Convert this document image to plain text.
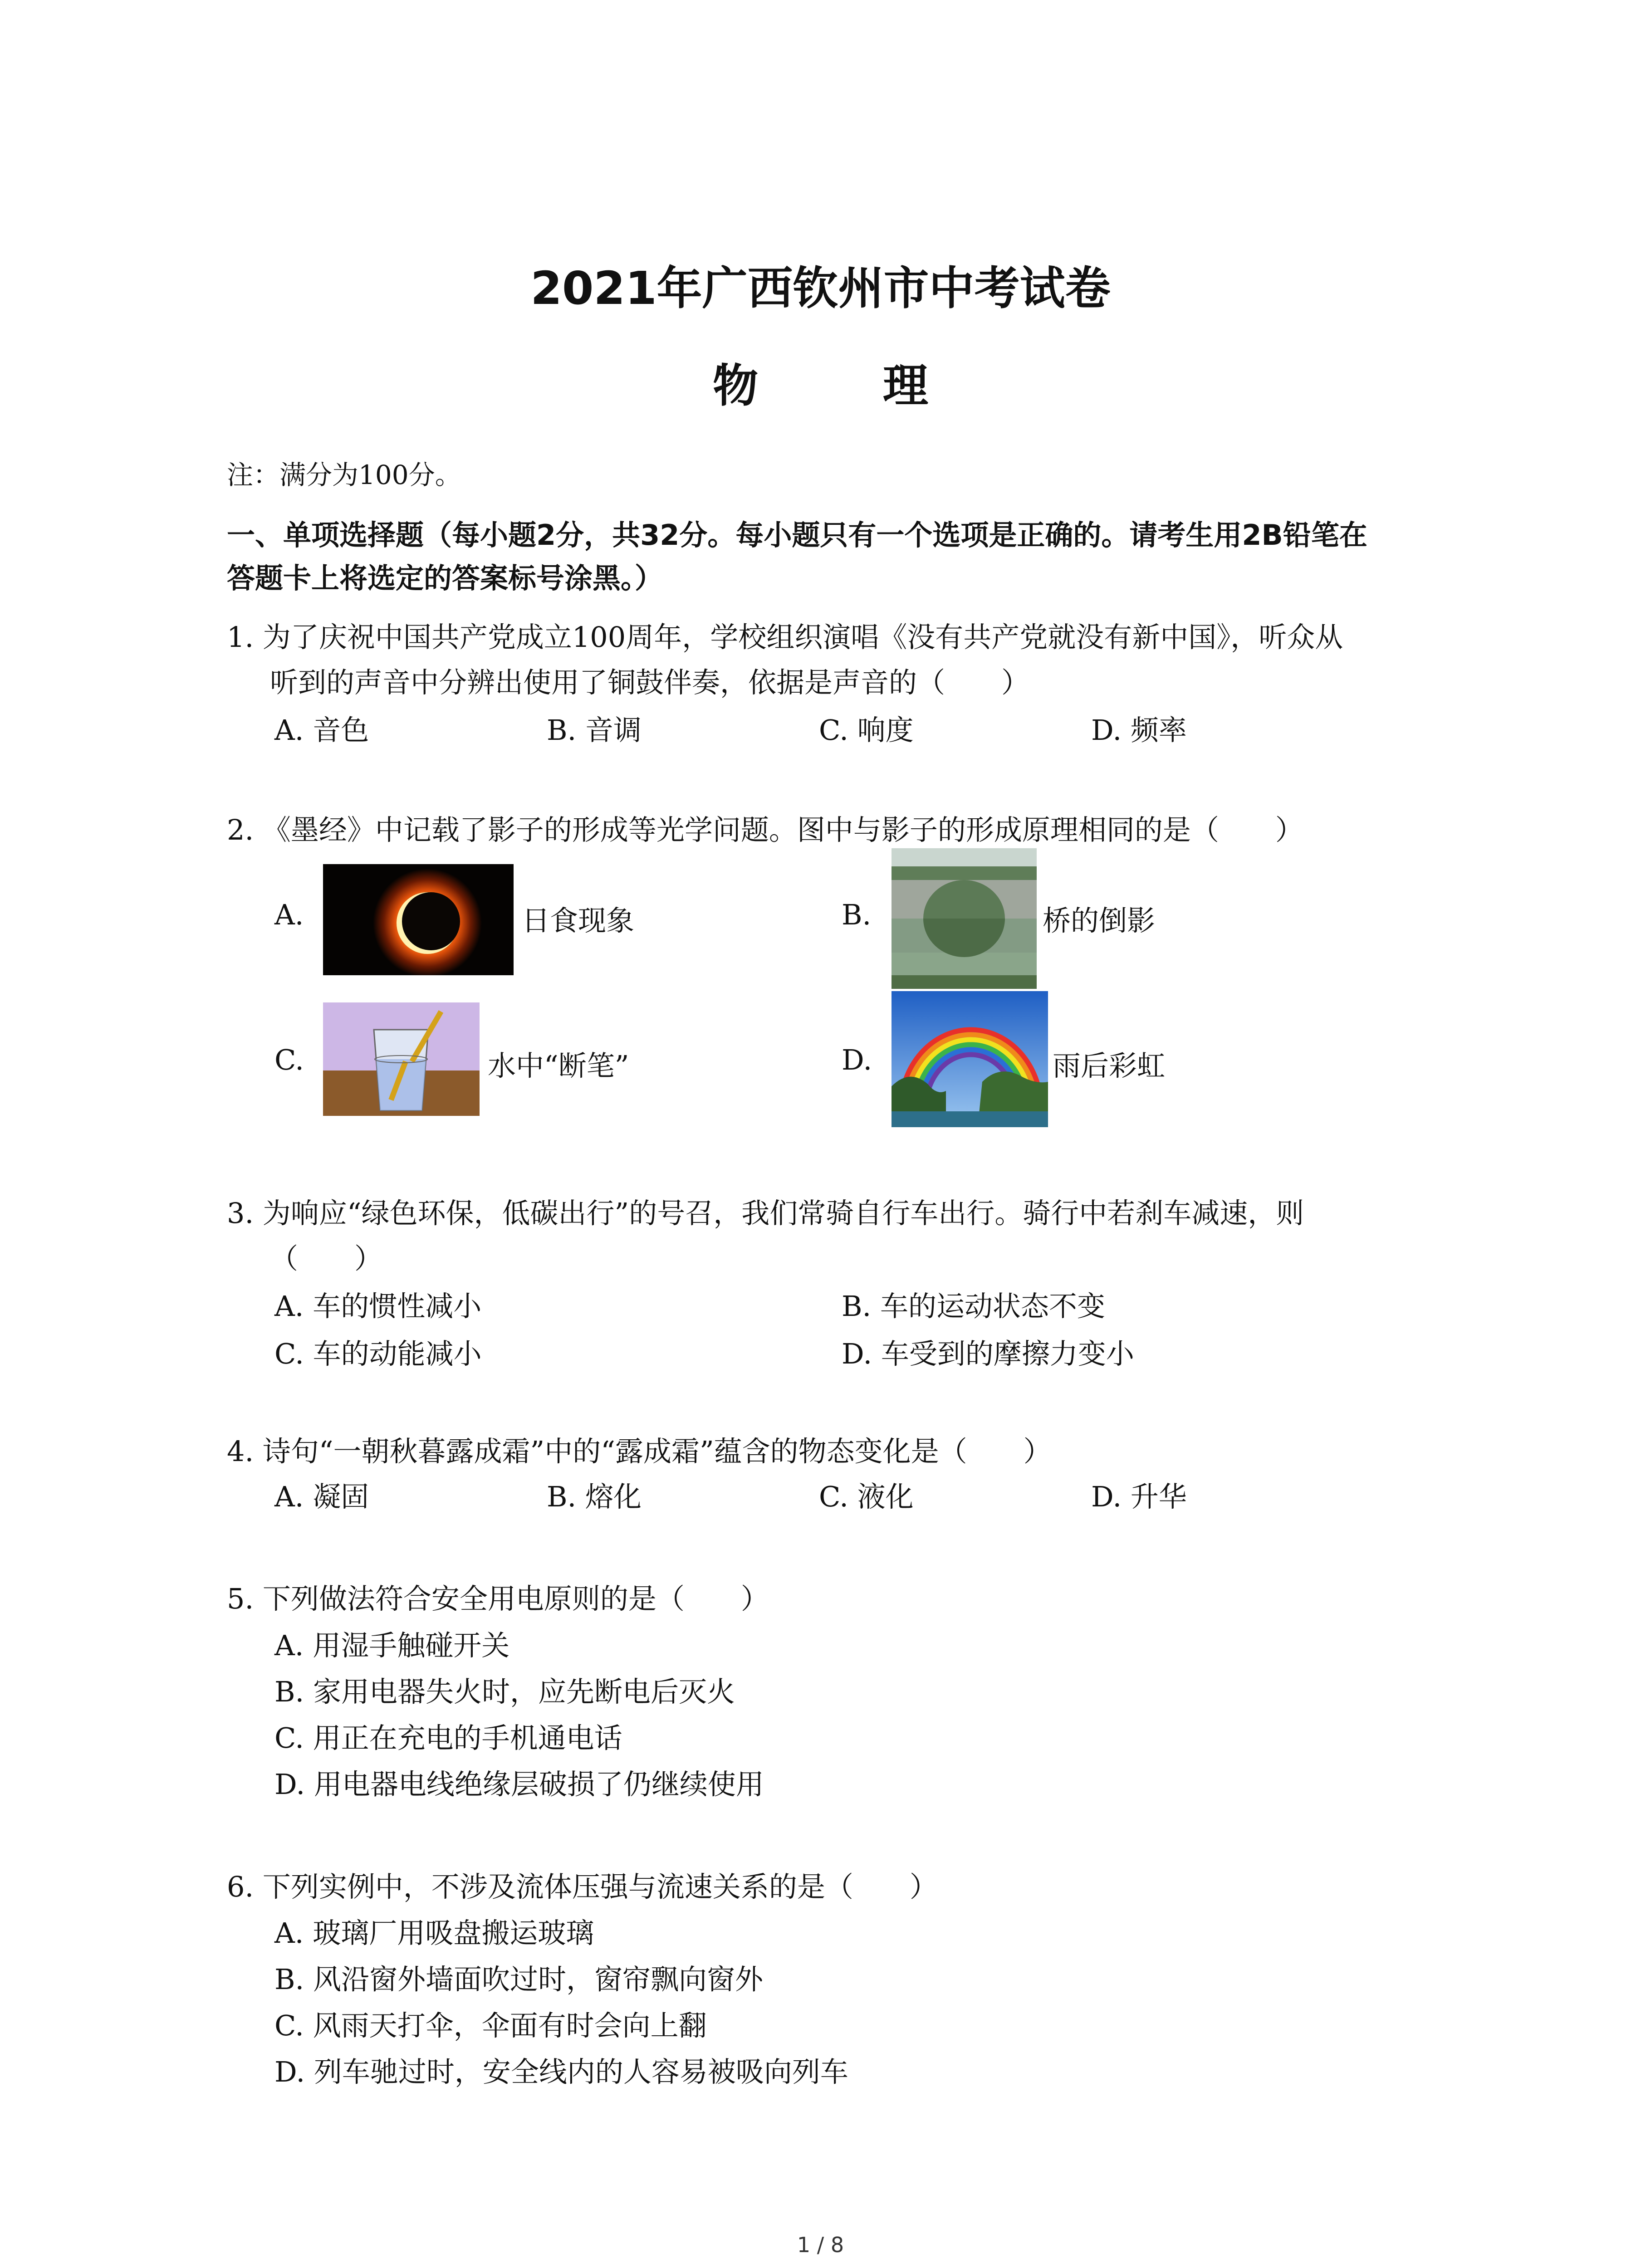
2021年广西钦州市中考试卷
物 理
注：满分为100分。
一、单项选择题（每小题2分，共32分。每小题只有一个选项是正确的。请考生用2B铅笔在
答题卡上将选定的答案标号涂黑。）
1. 为了庆祝中国共产党成立100周年，学校组织演唱《没有共产党就没有新中国》，听众从
听到的声音中分辨出使用了铜鼓伴奏，依据是声音的（　　）
A. 音色	B. 音调	C. 响度	D. 频率
2. 《墨经》中记载了影子的形成等光学问题。图中与影子的形成原理相同的是（　　）
A.	日食现象	B.	桥的倒影
C.	水中“断笔”	D.	雨后彩虹
3. 为响应“绿色环保，低碳出行”的号召，我们常骑自行车出行。骑行中若刹车减速，则
（　　）
A. 车的惯性减小	B. 车的运动状态不变
C. 车的动能减小	D. 车受到的摩擦力变小
4. 诗句“一朝秋暮露成霜”中的“露成霜”蕴含的物态变化是（　　）
A. 凝固	B. 熔化	C. 液化	D. 升华
5. 下列做法符合安全用电原则的是（　　）
A. 用湿手触碰开关
B. 家用电器失火时，应先断电后灭火
C. 用正在充电的手机通电话
D. 用电器电线绝缘层破损了仍继续使用
6. 下列实例中，不涉及流体压强与流速关系的是（　　）
A. 玻璃厂用吸盘搬运玻璃
B. 风沿窗外墙面吹过时，窗帘飘向窗外
C. 风雨天打伞，伞面有时会向上翻
D. 列车驰过时，安全线内的人容易被吸向列车
1 / 8
